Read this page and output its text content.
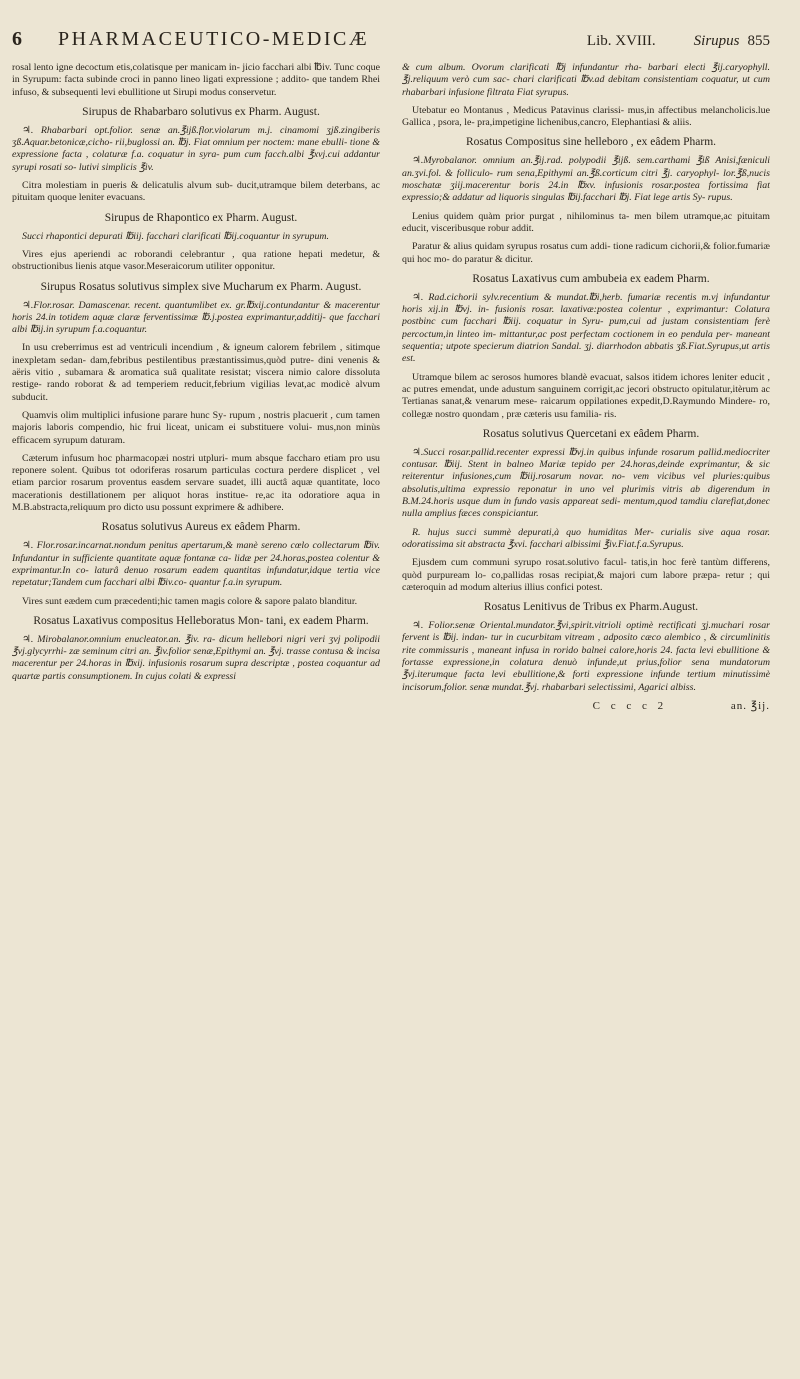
6	PHARMACEUTICO-MEDICÆ	Lib. XVIII.	Sirupus 855

rosal lento igne decoctum etis,colatisque per manicam in- jicio facchari albi ℔iv. Tunc coque in Syrupum: facta subinde croci in panno lineo ligati expressione ; addito- que tandem Rhei infuso, & subsequenti levi ebullitione ut Sirupi modus conservetur.

Sirupus de Rhabarbaro solutivus ex Pharm. August.

♃. Rhabarbari opt.folior. senæ an.℥ijß.flor.violarum m.j. cinamomi ʒjß.zingiberis ʒß.Aquar.betonicæ,cicho- rii,buglossi an. ℔j. Fiat omnium per noctem: mane ebulli- tione & expressione facta , colaturæ f.a. coquatur in syra- pum cum facch.albi ℥xvj.cui addantur syrupi rosati so- lutivi simplicis ℥iv.

Citra molestiam in pueris & delicatulis alvum sub- ducit,utramque bilem deterbans, ac pituitam quoque leniter evacuans.

Sirupus de Rhapontico ex Pharm. August.

Succi rhapontici depurati ℔iij. facchari clarificati ℔ij.coquantur in syrupum.

Vires ejus aperiendi ac roborandi celebrantur , qua ratione hepati medetur, & obstructionibus lienis atque vasor.Meseraicorum utiliter opponitur.

Sirupus Rosatus solutivus simplex sive Mucharum ex Pharm. August.

♃.Flor.rosar. Damascenar. recent. quantumlibet ex. gr.℔xij.contundantur & macerentur horis 24.in totidem aquæ claræ ferventissimæ ℔.j.postea exprimantur,additij- que facchari albi ℔ij.in syrupum f.a.coquantur.

In usu creberrimus est ad ventriculi incendium , & igneum calorem febrilem , sitimque inexpletam sedan- dam,febribus pestilentibus præstantissimus,quòd putre- dini venenis & aëris vitio , subamara & aromatica suâ qualitate resistat; viscera nimio calore dissoluta restige- rando roborat & ad temperiem reducit,febrium vigilias levat,ac modicè alvum subducit.

Quamvis olim multiplici infusione parare hunc Sy- rupum , nostris placuerit , cum tamen majoris laboris compendio, hic frui liceat, unicam ei substituere volui- mus,non minùs efficacem syrupum daturam.

Cæterum infusum hoc pharmacopæi nostri utpluri- mum absque faccharo etiam pro usu reponere solent. Quibus tot odoriferas rosarum particulas coctura perdere displicet , vel etiam parcior rosarum proventus easdem servare suadet, illi auctâ aquæ quantitate, loco macerationis destillationem per aliquot horas institue- re,ac ita odoratiore aqua in M.B.abstracta,reliquum pro dicto usu possunt exprimere & adhibere.

Rosatus solutivus Aureus ex eâdem Pharm.

♃. Flor.rosar.incarnat.nondum penitus apertarum,& manè sereno cœlo collectarum ℔iv. Infundantur in sufficiente quantitate aquæ fontanæ ca- lidæ per 24.horas,postea colentur & exprimantur.In co- laturâ denuo rosarum eadem quantitas infundatur,idque tertia vice repetatur;Tandem cum facchari albi ℔iv.co- quantur f.a.in syrupum.

Vires sunt eædem cum præcedenti;hic tamen magis colore & sapore palato blanditur.

Rosatus Laxativus compositus Helleboratus Mon- tani, ex eadem Pharm.

♃. Mirobalanor.omnium enucleator.an. ℥iv. ra- dicum hellebori nigri veri ʒvj polipodii ℥vj.glycyrrhi- zæ seminum citri an. ℥iv.folior senæ,Epithymi an. ℥vj. trasse contusa & incisa macerentur per 24.horas in ℔xij. infusionis rosarum supra descriptæ , postea coquantur ad quartæ partis consumptionem. In cujus colati & expressi

& cum album. Ovorum clarificati ℔j infundantur rha- barbari electi ℥ij.caryophyll. ℥j.reliquum verò cum sac- chari clarificati ℔v.ad debitam consistentiam coquatur, ut cum rhabarbari infusione filtrata Fiat syrupus.

Utebatur eo Montanus , Medicus Patavinus clarissi- mus,in affectibus melancholicis.lue Gallica , psora, le- pra,impetigine lichenibus,cancro, Elephantiasi & aliis.

Rosatus Compositus sine helleboro , ex eâdem Pharm.

♃.Myrobalanor. omnium an.℥ij.rad. polypodii ℥ijß. sem.carthami ℥iß Anisi,fæniculi an.ʒvi.fol. & folliculo- rum sena,Epithymi an.℥ß.corticum citri ℥j. caryophyl- lor.℥ß,nucis moschatæ ʒiij.macerentur boris 24.in ℔xv. infusionis rosar.postea fortissima fiat expressio;& addatur ad liquoris singulas ℔ij.facchari ℔j. Fiat lege artis Sy- rupus.

Lenius quidem quàm prior purgat , nihilominus ta- men bilem utramque,ac pituitam educit, visceribusque robur addit.

Paratur & alius quidam syrupus rosatus cum addi- tione radicum cichorii,& folior.fumariæ qui hoc mo- do paratur & dicitur.

Rosatus Laxativus cum ambubeia ex eadem Pharm.

♃. Rad.cichorii sylv.recentium & mundat.℔i,herb. fumariæ recentis m.vj infundantur horis xij.in ℔vj. in- fusionis rosar. laxativæ:postea colentur , exprimantur: Colatura postbinc cum facchari ℔iij. coquatur in Syru- pum,cui ad justam consistentiam ferè percoctum,in linteo im- mittantur,ac post perfectam coctionem in eo pendula per- maneant sequentia; utpote specierum diatrion Sandal. ʒj. diarrhodon abbatis ʒß.Fiat.Syrupus,ut artis est.

Utramque bilem ac serosos humores blandè evacuat, salsos itidem ichores leniter educit , ac putres emendat, unde adustum sanguinem corrigit,ac jecori obstructo opitulatur,itèrum ac Tertianas sanat,& venarum mese- raicarum oppilationes expedit,D.Raymundo Mindere- ro, collegæ nostro quondam , præ cæteris usu familia- ris.

Rosatus solutivus Quercetani ex eâdem Pharm.

♃.Succi rosar.pallid.recenter expressi ℔vj.in quibus infunde rosarum pallid.mediocriter contusar. ℔iij. Stent in balneo Mariæ tepido per 24.horas,deinde exprimantur, & sic reiterentur infusiones,cum ℔iij.rosarum novar. no- vem vicibus vel pluries:quibus absolutis,ultima expressio reponatur in uno vel plurimis vitris ab digerendum in B.M.24.horis usque dum in fundo vasis appareat sedi- mentum,quod tamdiu clarefiat,donec nulla amplius fæces conspiciantur.

R. hujus succi summè depurati,à quo humiditas Mer- curialis sive aqua rosar. odoratissima sit abstracta ℥xvi. facchari albissimi ℥iv.Fiat.f.a.Syrupus.

Ejusdem cum communi syrupo rosat.solutivo facul- tatis,in hoc ferè tantùm differens, quòd purpuream lo- co,pallidas rosas recipiat,& majori cum labore præpa- retur ; qui cæteroquin ad modum alterius illius confici potest.

Rosatus Lenitivus de Tribus ex Pharm.August.

♃. Folior.senæ Oriental.mundator.℥vi,spirit.vitrioli optimè rectificati ʒj.muchari rosar fervent is ℔ij. indan- tur in cucurbitam vitream , adposito cæco alembico , & circumlinitis rite commissuris , maneant infusa in rorido balnei calore,horis 24. facta levi ebullitione & fortasse expressione,in colatura denuò infunde,ut prius,folior sena mundatorum ℥vj.iterumque facta levi ebullitione,& forti expressione infunde tertium minutissimè incisorum,folior. senæ mundat.℥vj. rhabarbari selectissimi, Agarici albiss.

C c c c 2	an. ℥ij.
